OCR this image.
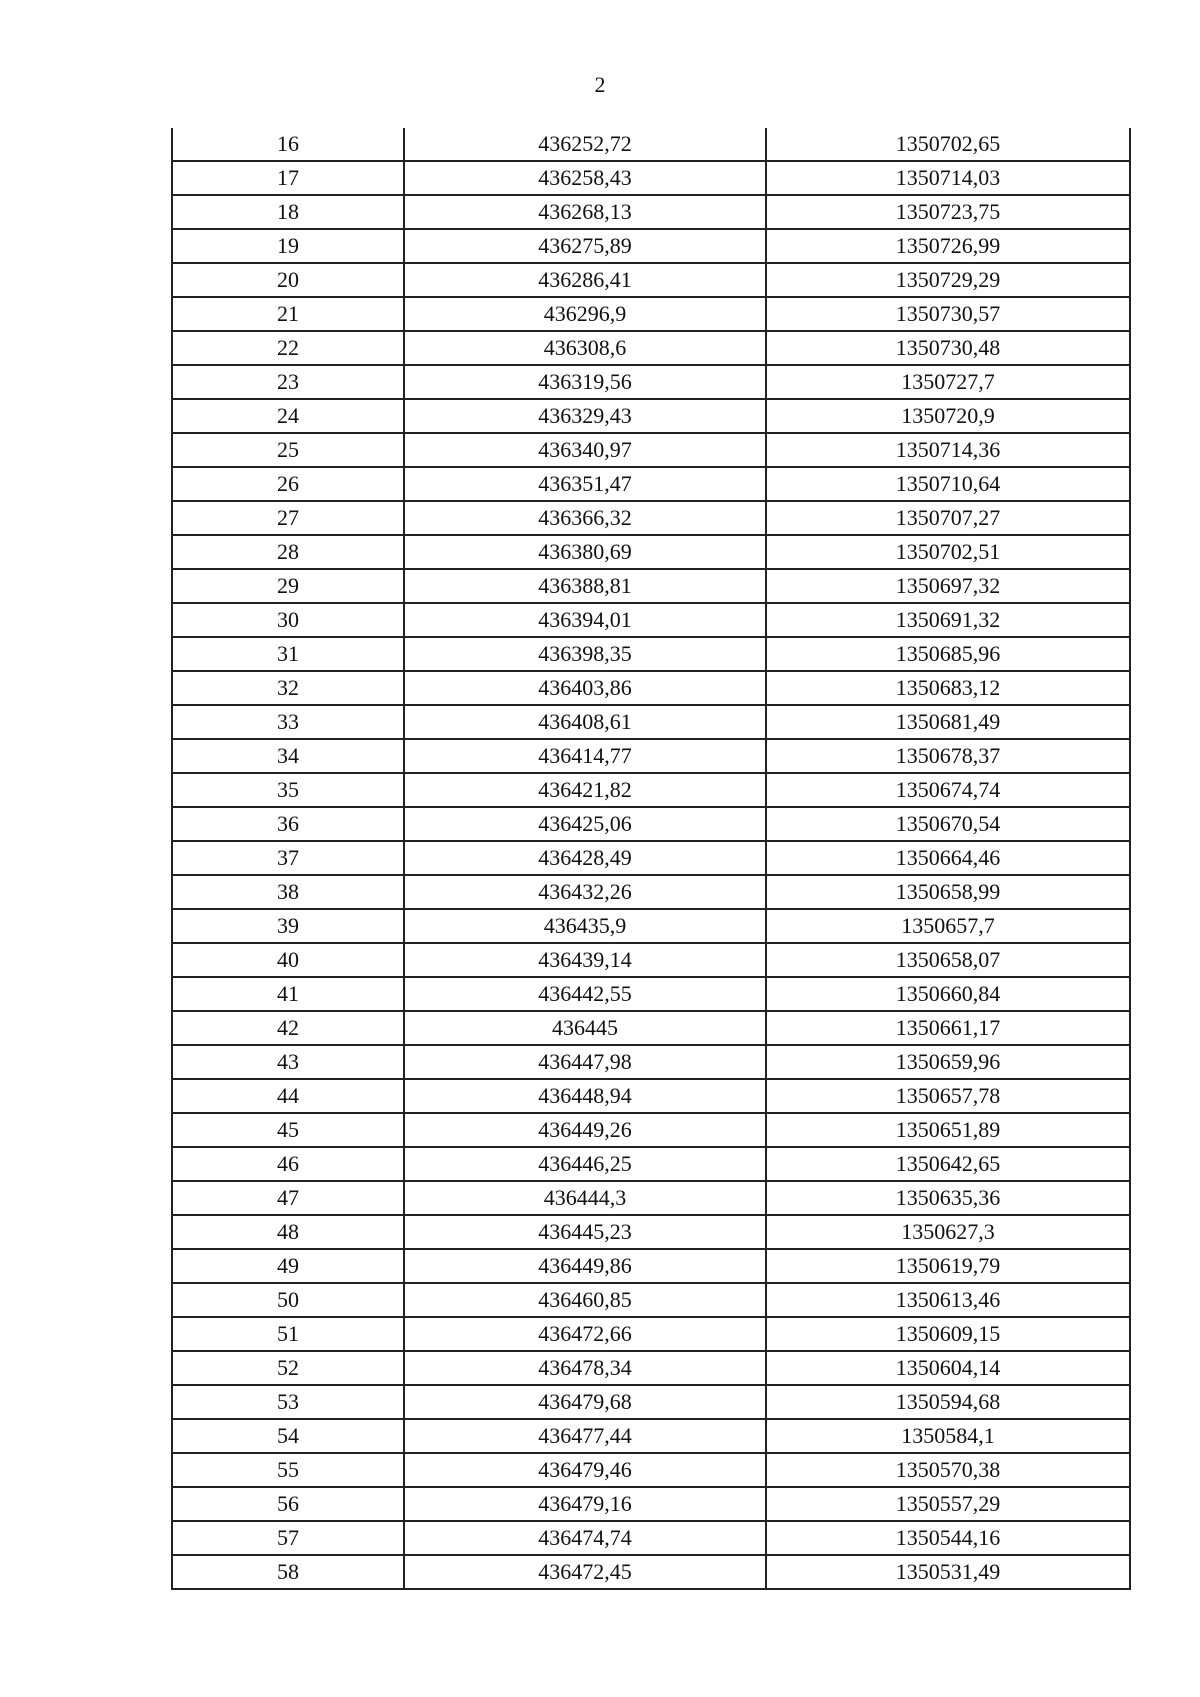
2
16	436252,72	1350702,65
17	436258,43	1350714,03
18	436268,13	1350723,75
19	436275,89	1350726,99
20	436286,41	1350729,29
21	436296,9	1350730,57
22	436308,6	1350730,48
23	436319,56	1350727,7
24	436329,43	1350720,9
25	436340,97	1350714,36
26	436351,47	1350710,64
27	436366,32	1350707,27
28	436380,69	1350702,51
29	436388,81	1350697,32
30	436394,01	1350691,32
31	436398,35	1350685,96
32	436403,86	1350683,12
33	436408,61	1350681,49
34	436414,77	1350678,37
35	436421,82	1350674,74
36	436425,06	1350670,54
37	436428,49	1350664,46
38	436432,26	1350658,99
39	436435,9	1350657,7
40	436439,14	1350658,07
41	436442,55	1350660,84
42	436445	1350661,17
43	436447,98	1350659,96
44	436448,94	1350657,78
45	436449,26	1350651,89
46	436446,25	1350642,65
47	436444,3	1350635,36
48	436445,23	1350627,3
49	436449,86	1350619,79
50	436460,85	1350613,46
51	436472,66	1350609,15
52	436478,34	1350604,14
53	436479,68	1350594,68
54	436477,44	1350584,1
55	436479,46	1350570,38
56	436479,16	1350557,29
57	436474,74	1350544,16
58	436472,45	1350531,49
